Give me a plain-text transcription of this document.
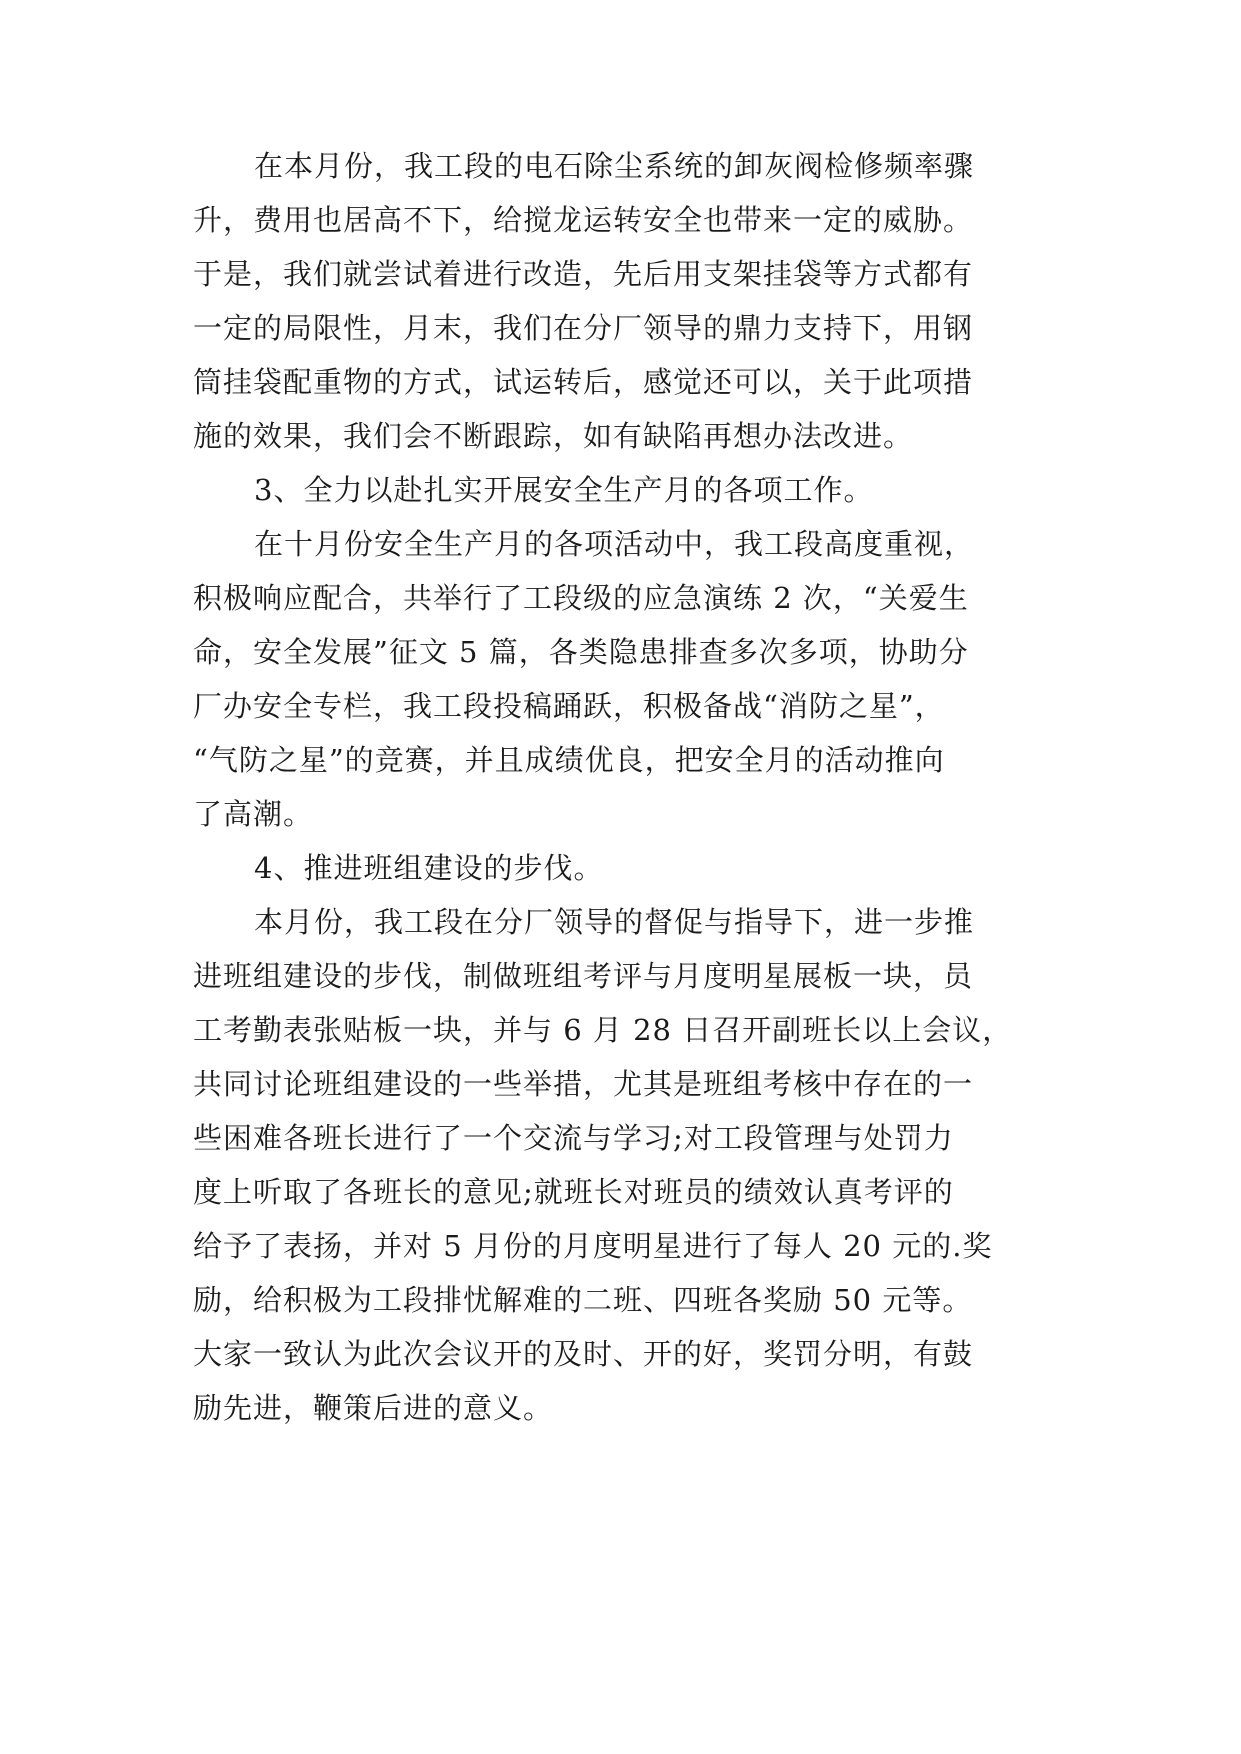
在本月份，我工段的电石除尘系统的卸灰阀检修频率骤
升，费用也居高不下，给搅龙运转安全也带来一定的威胁。
于是，我们就尝试着进行改造，先后用支架挂袋等方式都有
一定的局限性，月末，我们在分厂领导的鼎力支持下，用钢
筒挂袋配重物的方式，试运转后，感觉还可以，关于此项措
施的效果，我们会不断跟踪，如有缺陷再想办法改进。
3、全力以赴扎实开展安全生产月的各项工作。
在十月份安全生产月的各项活动中，我工段高度重视，
积极响应配合，共举行了工段级的应急演练 2 次，“关爱生
命，安全发展”征文 5 篇，各类隐患排查多次多项，协助分
厂办安全专栏，我工段投稿踊跃，积极备战“消防之星”，
“气防之星”的竞赛，并且成绩优良，把安全月的活动推向
了高潮。
4、推进班组建设的步伐。
本月份，我工段在分厂领导的督促与指导下，进一步推
进班组建设的步伐，制做班组考评与月度明星展板一块，员
工考勤表张贴板一块，并与 6 月 28 日召开副班长以上会议，
共同讨论班组建设的一些举措，尤其是班组考核中存在的一
些困难各班长进行了一个交流与学习;对工段管理与处罚力
度上听取了各班长的意见;就班长对班员的绩效认真考评的
给予了表扬，并对 5 月份的月度明星进行了每人 20 元的.奖
励，给积极为工段排忧解难的二班、四班各奖励 50 元等。
大家一致认为此次会议开的及时、开的好，奖罚分明，有鼓
励先进，鞭策后进的意义。
